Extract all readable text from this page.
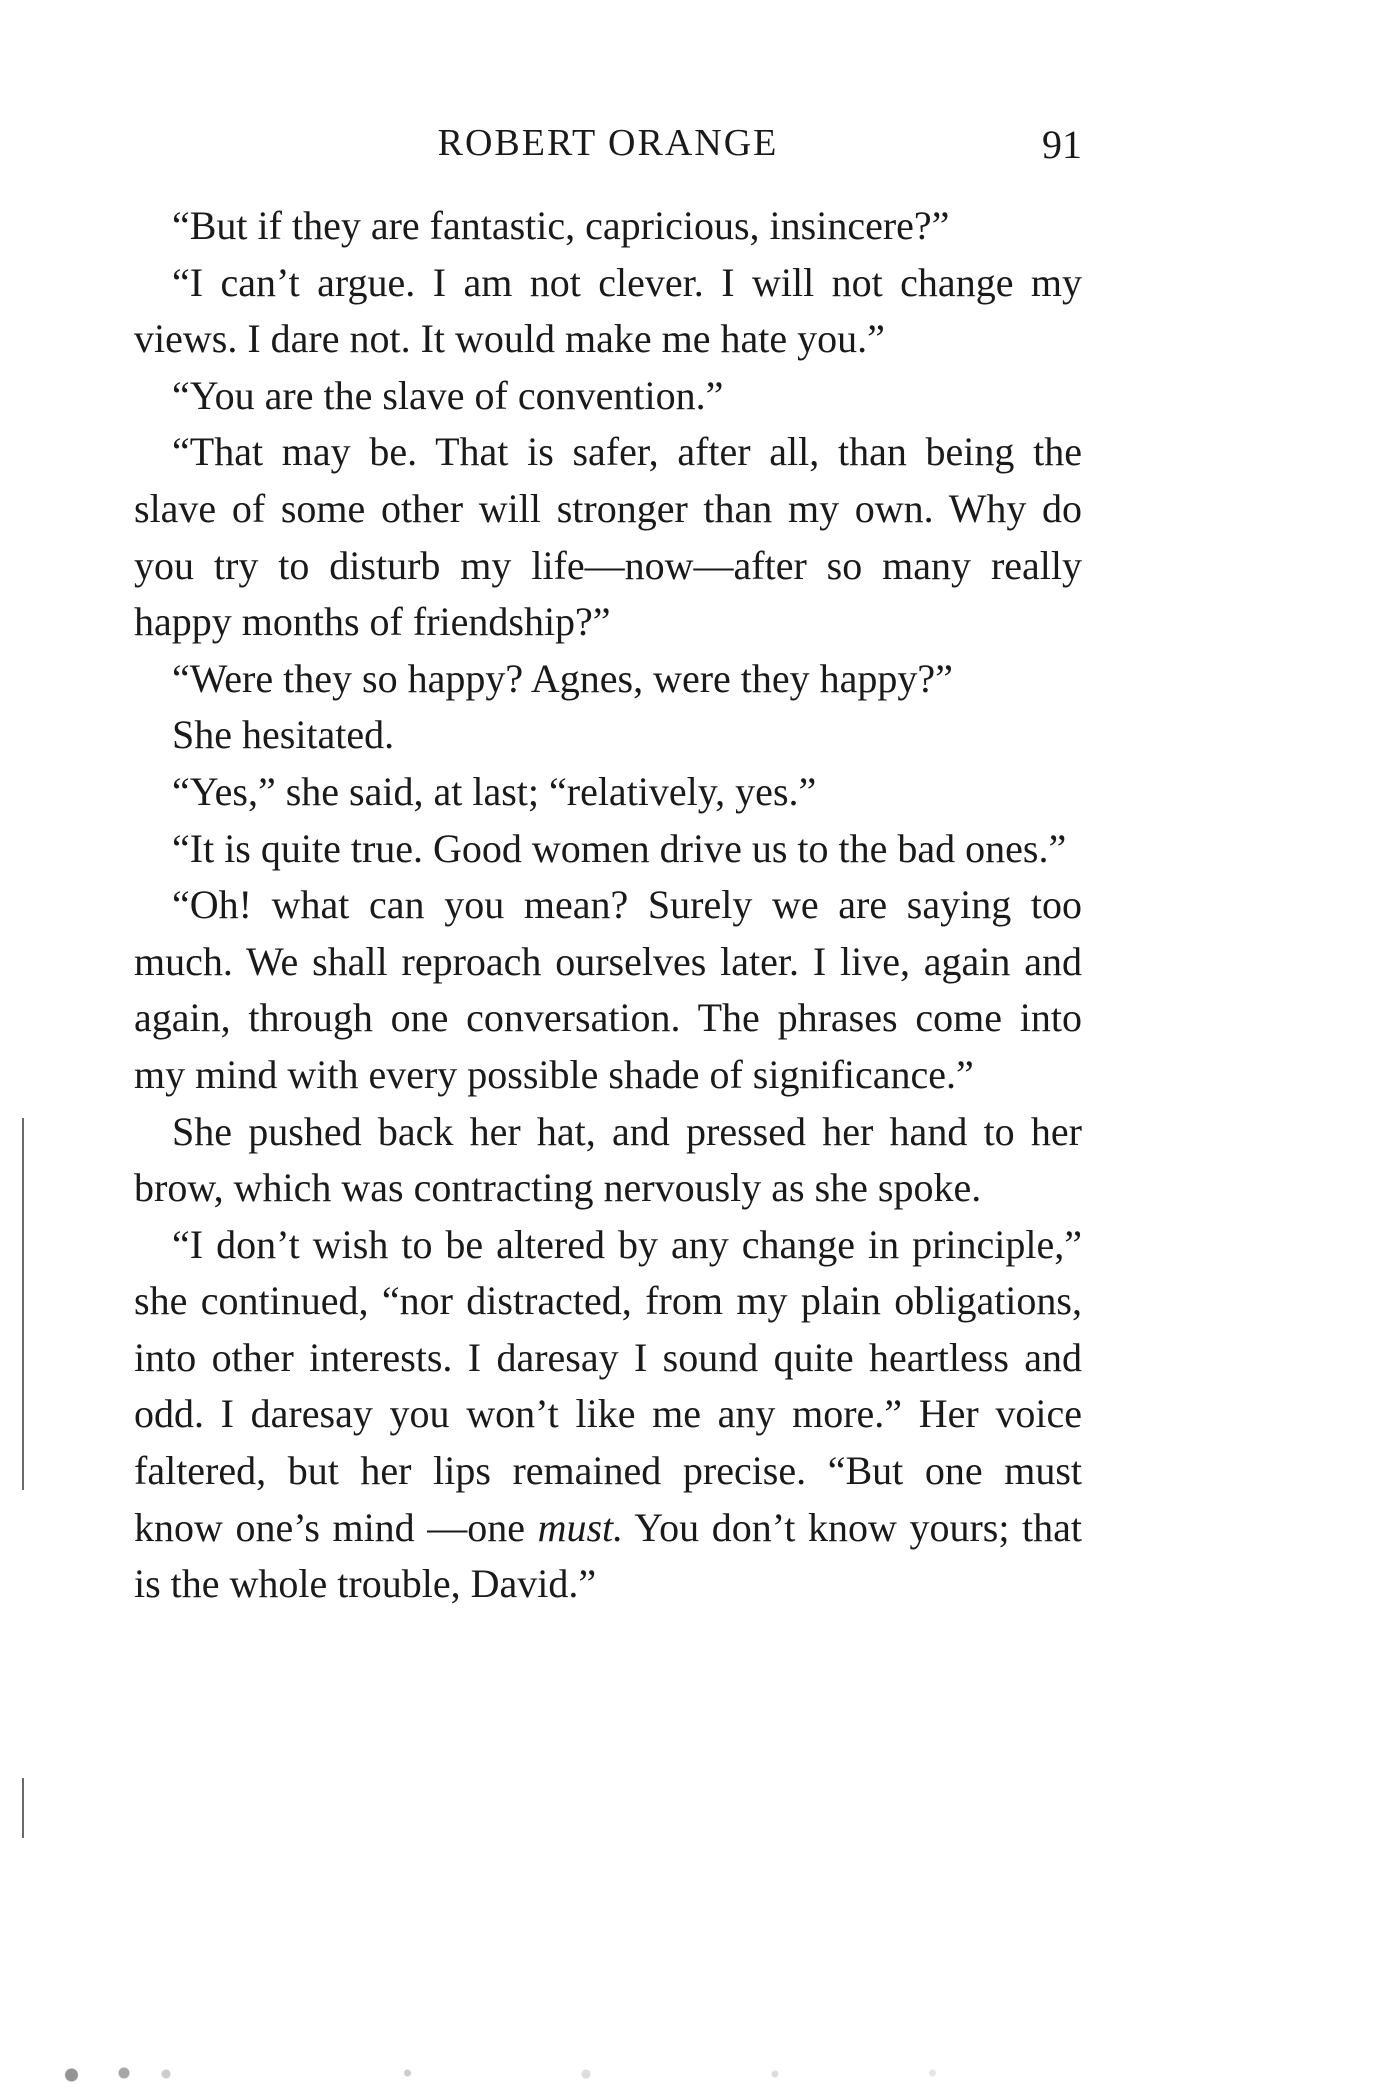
ROBERT ORANGE	91

“But if they are fantastic, capricious, insincere?”

“I can’t argue. I am not clever. I will not change my views. I dare not. It would make me hate you.”

“You are the slave of convention.”

“That may be. That is safer, after all, than being the slave of some other will stronger than my own. Why do you try to disturb my life—now—after so many really happy months of friendship?”

“Were they so happy? Agnes, were they happy?”

She hesitated.

“Yes,” she said, at last; “relatively, yes.”

“It is quite true. Good women drive us to the bad ones.”

“Oh! what can you mean? Surely we are saying too much. We shall reproach ourselves later. I live, again and again, through one conversation. The phrases come into my mind with every possible shade of significance.”

She pushed back her hat, and pressed her hand to her brow, which was contracting nervously as she spoke.

“I don’t wish to be altered by any change in principle,” she continued, “nor distracted, from my plain obligations, into other interests. I daresay I sound quite heartless and odd. I daresay you won’t like me any more.” Her voice faltered, but her lips remained precise. “But one must know one’s mind —one must. You don’t know yours; that is the whole trouble, David.”
